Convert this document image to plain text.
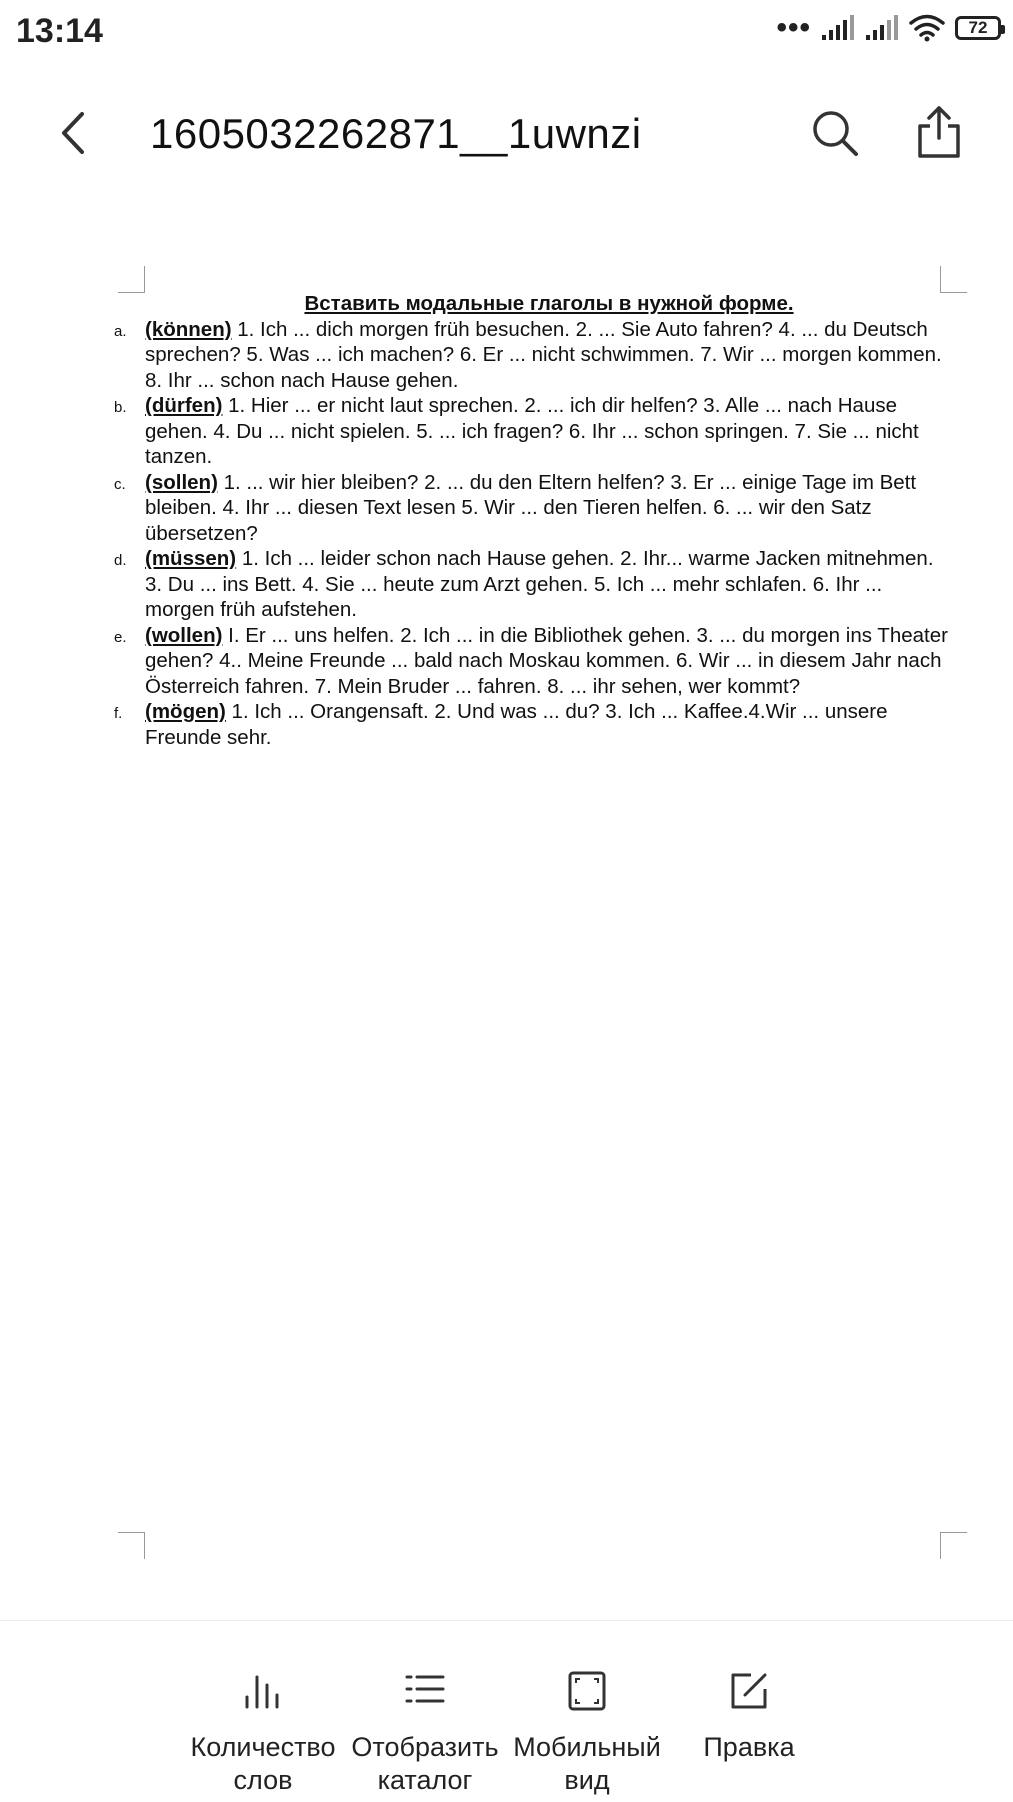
13:14	•••	72
1605032262871__1uwnzi
Вставить модальные глаголы в нужной форме.
a. (können) 1. Ich ... dich morgen früh besuchen. 2. ... Sie Auto fahren? 4. ... du Deutsch sprechen? 5. Was ... ich machen? 6. Er ... nicht schwimmen. 7. Wir ... morgen kommen. 8. Ihr ... schon nach Hause gehen.
b. (dürfen) 1. Hier ... er nicht laut sprechen. 2. ... ich dir helfen? 3. Alle ... nach Hause gehen. 4. Du ... nicht spielen. 5. ... ich fragen? 6. Ihr ... schon springen. 7. Sie ... nicht tanzen.
c. (sollen) 1. ... wir hier bleiben? 2. ... du den Eltern helfen? 3. Er ... einige Tage im Bett bleiben. 4. Ihr ... diesen Text lesen 5. Wir ... den Tieren helfen. 6. ... wir den Satz übersetzen?
d. (müssen) 1. Ich ... leider schon nach Hause gehen. 2. Ihr... warme Jacken mitnehmen. 3. Du ... ins Bett. 4. Sie ... heute zum Arzt gehen. 5. Ich ... mehr schlafen. 6. Ihr ... morgen früh aufstehen.
e. (wollen) I. Er ... uns helfen. 2. Ich ... in die Bibliothek gehen. 3. ... du morgen ins Theater gehen? 4.. Meine Freunde ... bald nach Moskau kommen. 6. Wir ... in diesem Jahr nach Österreich fahren. 7. Mein Bruder ... fahren. 8. ... ihr sehen, wer kommt?
f. (mögen) 1. Ich ... Orangensaft. 2. Und was ... du? 3. Ich ... Kaffee.4.Wir ... unsere Freunde sehr.
Количество
слов
Отобразить
каталог
Мобильный
вид
Правка
